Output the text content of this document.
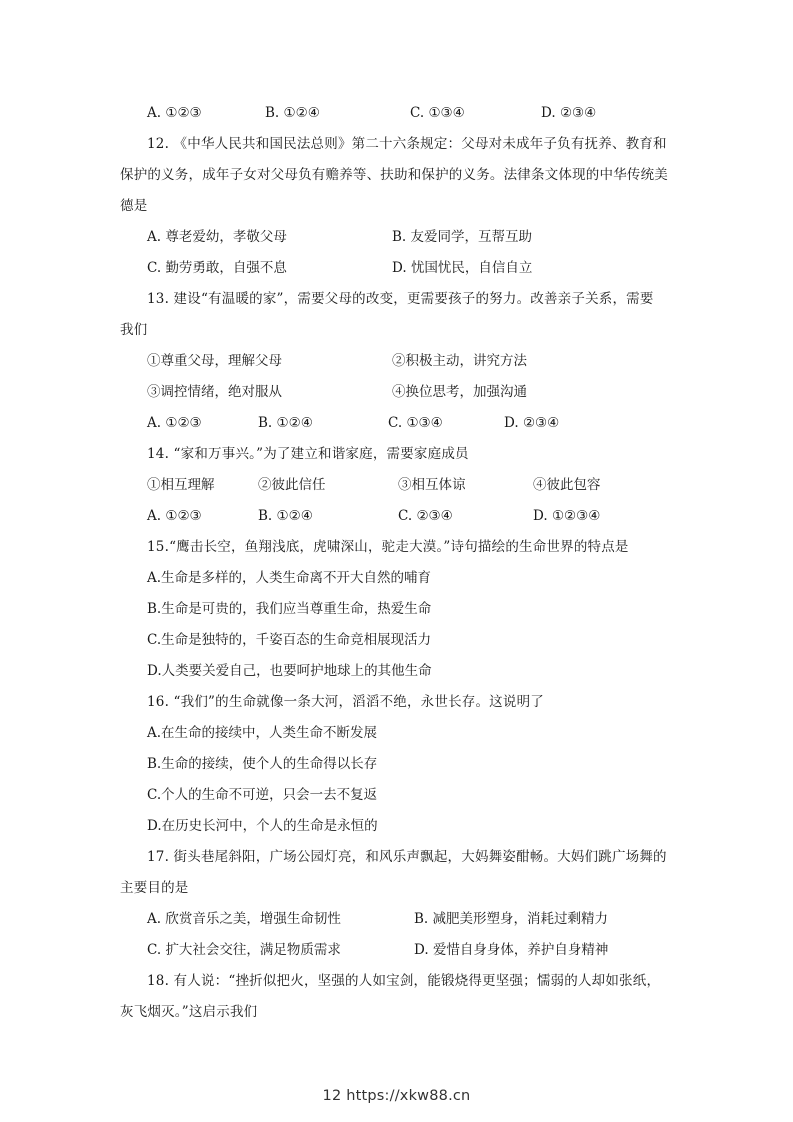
A. ①②③	B. ①②④	C. ①③④	D. ②③④
12. 《中华人民共和国民法总则》第二十六条规定：父母对未成年子负有抚养、教育和
保护的义务，成年子女对父母负有赡养等、扶助和保护的义务。法律条文体现的中华传统美
德是
A. 尊老爱幼，孝敬父母	B. 友爱同学，互帮互助
C. 勤劳勇敢，自强不息	D. 忧国忧民，自信自立
13. 建设“有温暖的家”，需要父母的改变，更需要孩子的努力。改善亲子关系，需要
我们
①尊重父母，理解父母	②积极主动，讲究方法
③调控情绪，绝对服从	④换位思考，加强沟通
A. ①②③	B. ①②④	C. ①③④	D. ②③④
14. “家和万事兴。”为了建立和谐家庭，需要家庭成员
①相互理解	②彼此信任	③相互体谅	④彼此包容
A. ①②③	B. ①②④	C. ②③④	D. ①②③④
15.“鹰击长空，鱼翔浅底，虎啸深山，驼走大漠。”诗句描绘的生命世界的特点是
A.生命是多样的，人类生命离不开大自然的哺育
B.生命是可贵的，我们应当尊重生命，热爱生命
C.生命是独特的，千姿百态的生命竞相展现活力
D.人类要关爱自己，也要呵护地球上的其他生命
16. “我们”的生命就像一条大河，滔滔不绝，永世长存。这说明了
A.在生命的接续中，人类生命不断发展
B.生命的接续，使个人的生命得以长存
C.个人的生命不可逆，只会一去不复返
D.在历史长河中，个人的生命是永恒的
17. 街头巷尾斜阳，广场公园灯亮，和风乐声飘起，大妈舞姿酣畅。大妈们跳广场舞的
主要目的是
A. 欣赏音乐之美，增强生命韧性	B. 减肥美形塑身，消耗过剩精力
C. 扩大社会交往，满足物质需求	D. 爱惜自身身体，养护自身精神
18. 有人说：“挫折似把火，坚强的人如宝剑，能锻烧得更坚强；懦弱的人却如张纸，
灰飞烟灭。”这启示我们
12 https://xkw88.cn
